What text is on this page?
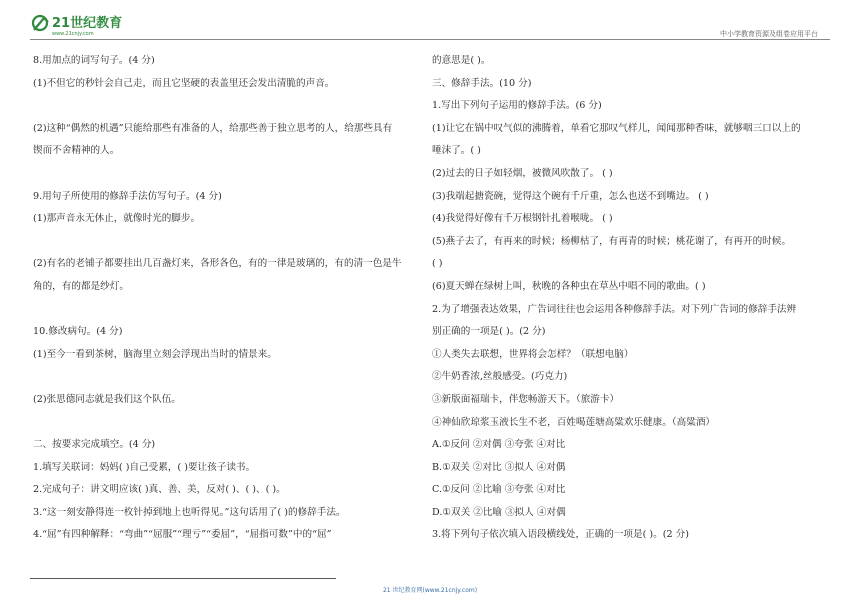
21世纪教育
www.21cnjy.com	中小学教育资源及组卷应用平台
8.用加点的词写句子。(4 分)
(1)不但它的秒针会自己走，而且它坚硬的表盖里还会发出清脆的声音。
(2)这种“偶然的机遇”只能给那些有准备的人，给那些善于独立思考的人，给那些具有
锲而不舍精神的人。
9.用句子所使用的修辞手法仿写句子。(4 分)
(1)那声音永无休止，就像时光的脚步。
(2)有名的老铺子都要挂出几百盏灯来，各形各色，有的一律是玻璃的，有的清一色是牛
角的，有的都是纱灯。
10.修改病句。(4 分)
(1)至今一看到茶树，脑海里立刻会浮现出当时的情景来。
(2)张思德同志就是我们这个队伍。
二、按要求完成填空。(4 分)
1.填写关联词：妈妈( )自己受累，( )要让孩子读书。
2.完成句子：讲文明应该( )真、善、美，反对( )、( )、( )。
3.“这一刻安静得连一枚针掉到地上也听得见。”这句话用了( )的修辞手法。
4.“屈”有四种解释：“弯曲”“屈服”“理亏”“委屈”，“屈指可数”中的“屈”
的意思是( )。
三、修辞手法。(10 分)
1.写出下列句子运用的修辞手法。(6 分)
(1)让它在锅中叹气似的沸腾着，单看它那叹气样儿，闻闻那种香味，就够咽三口以上的
唾沫了。( )
(2)过去的日子如轻烟，被微风吹散了。 ( )
(3)我端起搪瓷碗，觉得这个碗有千斤重，怎么也送不到嘴边。 ( )
(4)我觉得好像有千万根钢针扎着喉咙。 ( )
(5)燕子去了，有再来的时候；杨柳枯了，有再青的时候；桃花谢了，有再开的时候。
( )
(6)夏天蝉在绿树上叫，秋晚的各种虫在草丛中唱不同的歌曲。( )
2.为了增强表达效果，广告词往往也会运用各种修辞手法。对下列广告词的修辞手法辨
别正确的一项是( )。(2 分)
①人类失去联想，世界将会怎样？（联想电脑）
②牛奶香浓,丝般感受。(巧克力)
③新版面福瑞卡，伴您畅游天下。（旅游卡）
④神仙欣琼浆玉液长生不老，百姓喝莲塘高粱欢乐健康。（高粱酒）
A.①反问 ②对偶 ③夸张 ④对比
B.①双关 ②对比 ③拟人 ④对偶
C.①反问 ②比喻 ③夸张 ④对比
D.①双关 ②比喻 ③拟人 ④对偶
3.将下列句子依次填入语段横线处，正确的一项是( )。(2 分)
21 世纪教育网(www.21cnjy.com)
